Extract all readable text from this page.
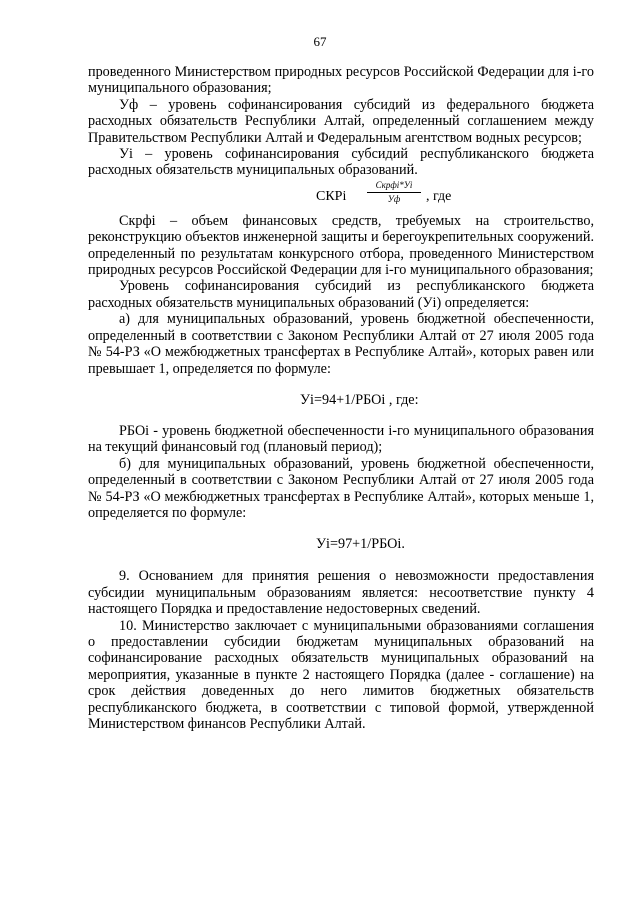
67

проведенного Министерством природных ресурсов Российской Федерации для i-го муниципального образования;

Уф – уровень софинансирования субсидий из федерального бюджета расходных обязательств Республики Алтай, определенный соглашением между Правительством Республики Алтай и Федеральным агентством водных ресурсов;

Уi – уровень софинансирования субсидий республиканского бюджета расходных обязательств муниципальных образований.

СКРi
Скрфi*Уi
Уф	, где

Скрфi – объем финансовых средств, требуемых на строительство, реконструкцию объектов инженерной защиты и берегоукрепительных сооружений. определенный по результатам конкурсного отбора, проведенного Министерством природных ресурсов Российской Федерации для i-го муниципального образования;

Уровень софинансирования субсидий из республиканского бюджета расходных обязательств муниципальных образований (Уi) определяется:

а) для муниципальных образований, уровень бюджетной обеспеченности, определенный в соответствии с Законом Республики Алтай от 27 июля 2005 года № 54-РЗ «О межбюджетных трансфертах в Республике Алтай», которых равен или превышает 1, определяется по формуле:

Уi=94+1/РБОi , где:

РБОi - уровень бюджетной обеспеченности i-го муниципального образования на текущий финансовый год (плановый период);

б) для муниципальных образований, уровень бюджетной обеспеченности, определенный в соответствии с Законом Республики Алтай от 27 июля 2005 года № 54-РЗ «О межбюджетных трансфертах в Республике Алтай», которых меньше 1, определяется по формуле:

Уi=97+1/РБОi.

9. Основанием для принятия решения о невозможности предоставления субсидии муниципальным образованиям является: несоответствие пункту 4 настоящего Порядка и предоставление недостоверных сведений.

10. Министерство заключает с муниципальными образованиями соглашения о предоставлении субсидии бюджетам муниципальных образований на софинансирование расходных обязательств муниципальных образований на мероприятия, указанные в пункте 2 настоящего Порядка (далее - соглашение) на срок действия доведенных до него лимитов бюджетных обязательств республиканского бюджета, в соответствии с типовой формой, утвержденной Министерством финансов Республики Алтай.
